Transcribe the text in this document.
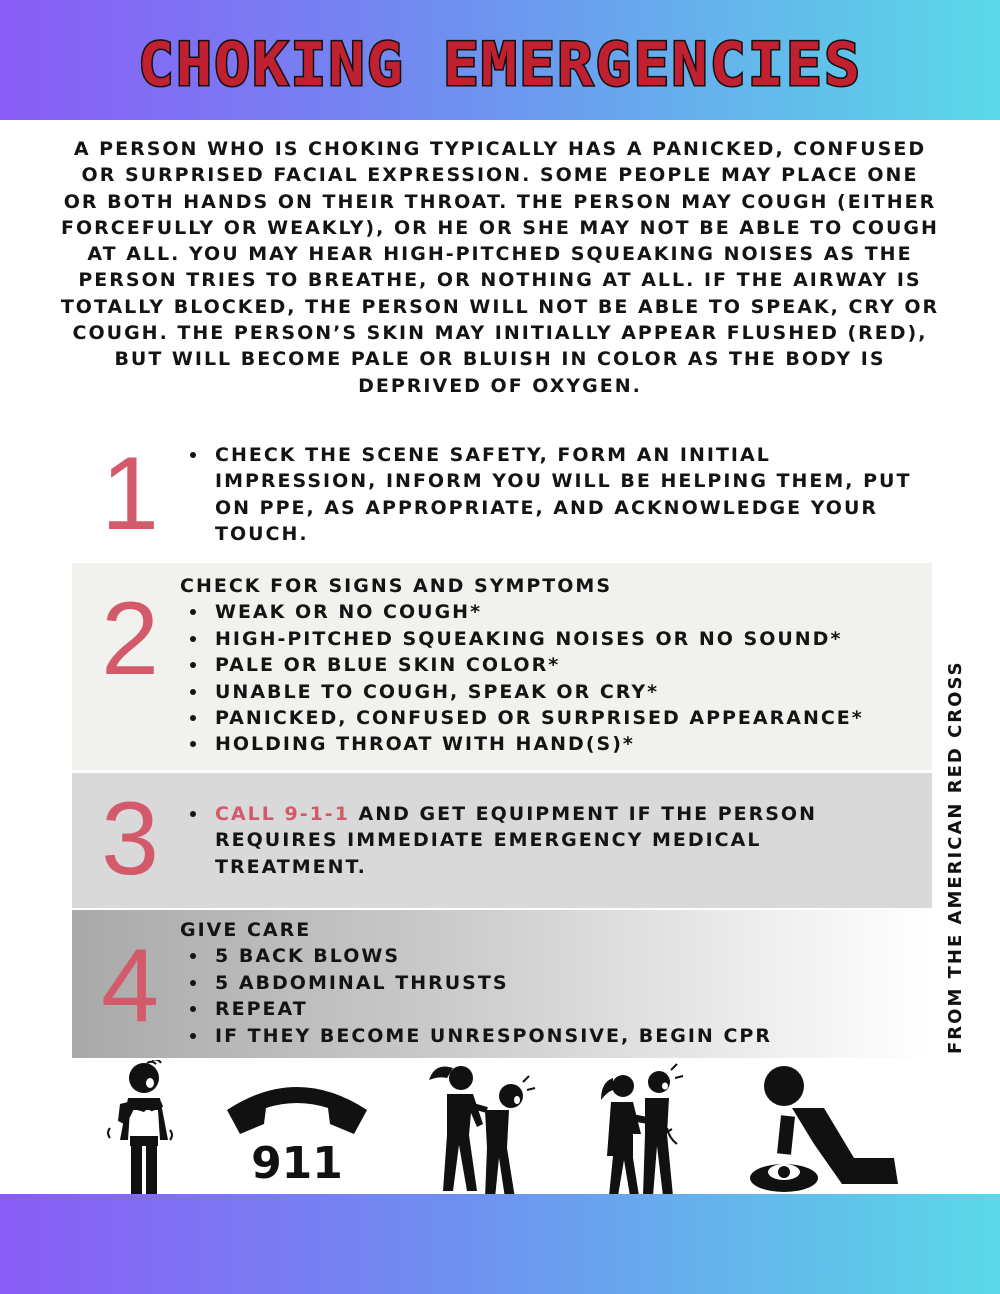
CHOKING EMERGENCIES
A PERSON WHO IS CHOKING TYPICALLY HAS A PANICKED, CONFUSED OR SURPRISED FACIAL EXPRESSION. SOME PEOPLE MAY PLACE ONE OR BOTH HANDS ON THEIR THROAT. THE PERSON MAY COUGH (EITHER FORCEFULLY OR WEAKLY), OR HE OR SHE MAY NOT BE ABLE TO COUGH AT ALL. YOU MAY HEAR HIGH-PITCHED SQUEAKING NOISES AS THE PERSON TRIES TO BREATHE, OR NOTHING AT ALL. IF THE AIRWAY IS TOTALLY BLOCKED, THE PERSON WILL NOT BE ABLE TO SPEAK, CRY OR COUGH. THE PERSON’S SKIN MAY INITIALLY APPEAR FLUSHED (RED), BUT WILL BECOME PALE OR BLUISH IN COLOR AS THE BODY IS DEPRIVED OF OXYGEN.
1	CHECK THE SCENE SAFETY, FORM AN INITIAL IMPRESSION, INFORM YOU WILL BE HELPING THEM, PUT ON PPE, AS APPROPRIATE, AND ACKNOWLEDGE YOUR TOUCH.
2	CHECK FOR SIGNS AND SYMPTOMS
WEAK OR NO COUGH*
HIGH-PITCHED SQUEAKING NOISES OR NO SOUND*
PALE OR BLUE SKIN COLOR*
UNABLE TO COUGH, SPEAK OR CRY*
PANICKED, CONFUSED OR SURPRISED APPEARANCE*
HOLDING THROAT WITH HAND(S)*
3	CALL 9-1-1 AND GET EQUIPMENT IF THE PERSON REQUIRES IMMEDIATE EMERGENCY MEDICAL TREATMENT.
4	GIVE CARE
5 BACK BLOWS
5 ABDOMINAL THRUSTS
REPEAT
IF THEY BECOME UNRESPONSIVE, BEGIN CPR	FROM THE AMERICAN RED CROSS
911
